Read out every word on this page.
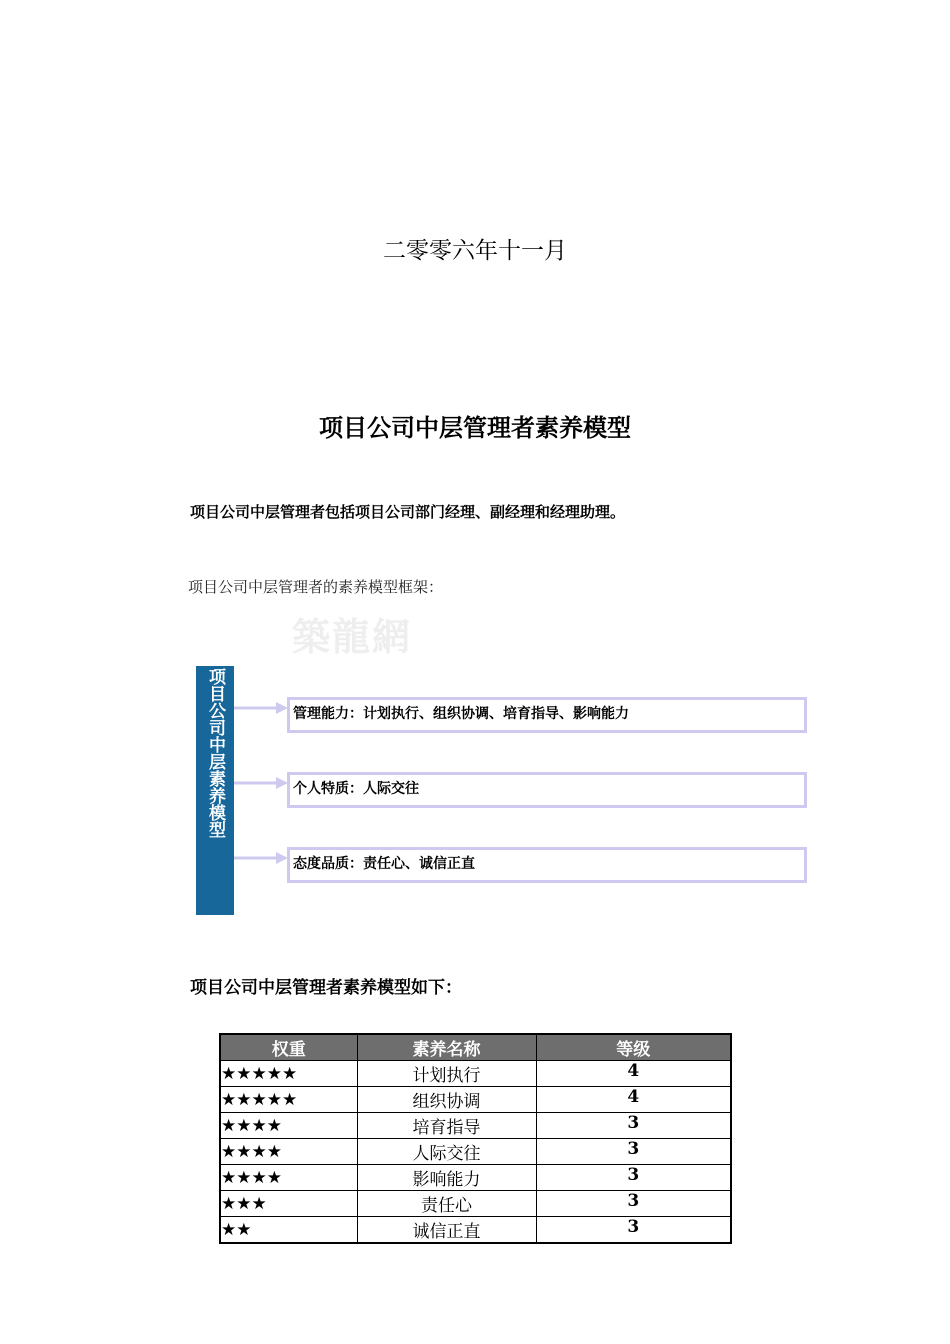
二零零六年十一月
项目公司中层管理者素养模型
项目公司中层管理者包括项目公司部门经理、副经理和经理助理。
项目公司中层管理者的素养模型框架：
築龍網
项目公司中层素养模型	管理能力：计划执行、组织协调、培育指导、影响能力
个人特质：人际交往
态度品质：责任心、诚信正直
项目公司中层管理者素养模型如下：
权重	素养名称	等级
★★★★★	计划执行	4
★★★★★	组织协调	4
★★★★	培育指导	3
★★★★	人际交往	3
★★★★	影响能力	3
★★★	责任心	3
★★	诚信正直	3
